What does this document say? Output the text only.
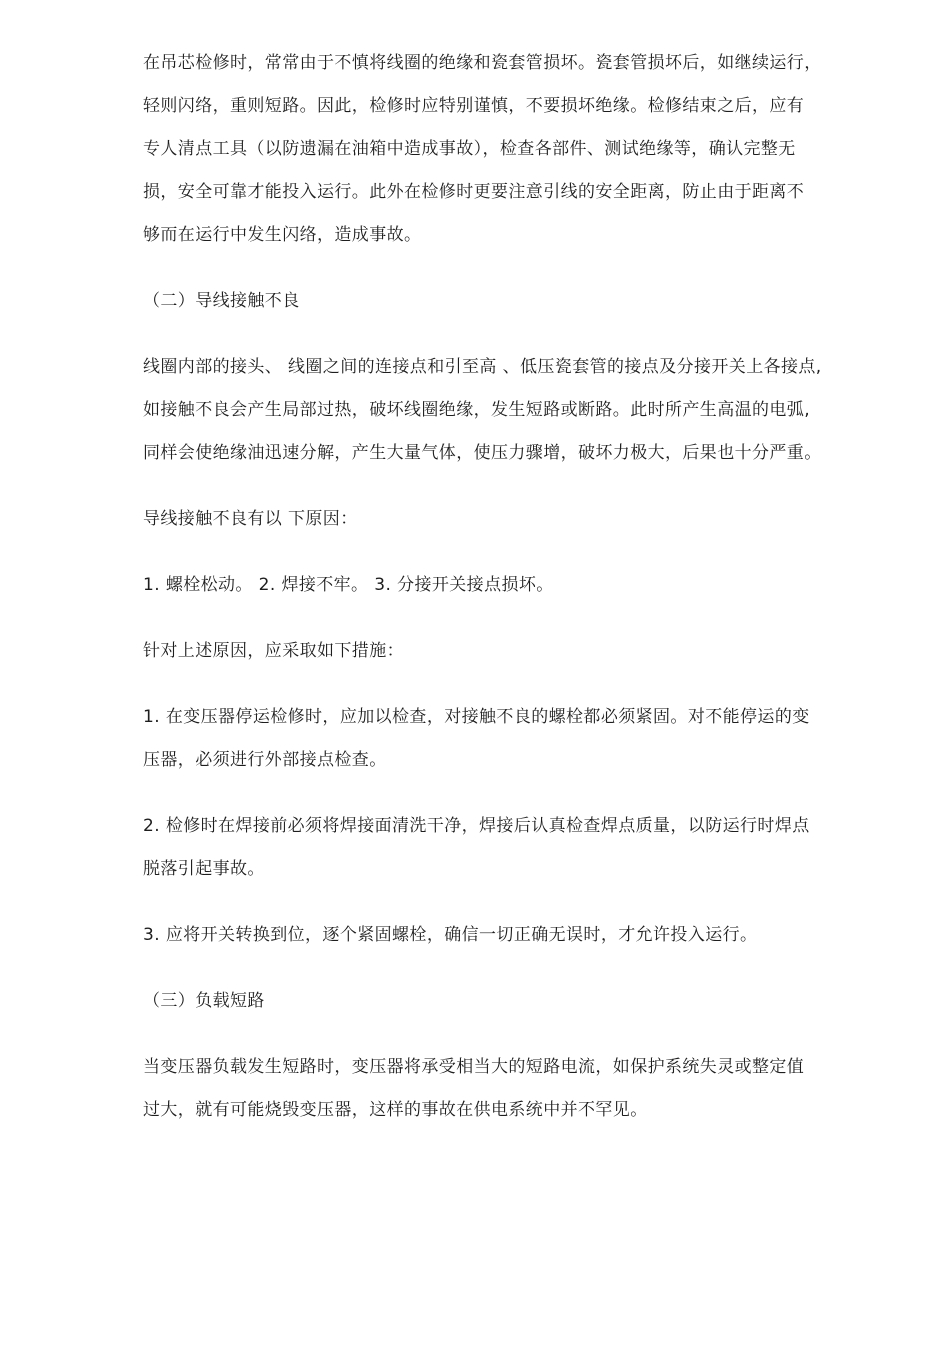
在吊芯检修时，常常由于不慎将线圈的绝缘和瓷套管损坏。瓷套管损坏后，如继续运行，
轻则闪络，重则短路。因此，检修时应特别谨慎，不要损坏绝缘。检修结束之后，应有
专人清点工具（以防遗漏在油箱中造成事故），检查各部件、测试绝缘等，确认完整无
损，安全可靠才能投入运行。此外在检修时更要注意引线的安全距离，防止由于距离不
够而在运行中发生闪络，造成事故。
（二）导线接触不良
线圈内部的接头、 线圈之间的连接点和引至高 、低压瓷套管的接点及分接开关上各接点,
如接触不良会产生局部过热，破坏线圈绝缘，发生短路或断路。此时所产生高温的电弧,
同样会使绝缘油迅速分解，产生大量气体，使压力骤增，破坏力极大，后果也十分严重。
导线接触不良有以 下原因：
1. 螺栓松动。 2. 焊接不牢。 3. 分接开关接点损坏。
针对上述原因，应采取如下措施：
1. 在变压器停运检修时，应加以检查，对接触不良的螺栓都必须紧固。对不能停运的变
压器，必须进行外部接点检查。
2. 检修时在焊接前必须将焊接面清洗干净，焊接后认真检查焊点质量，以防运行时焊点
脱落引起事故。
3. 应将开关转换到位，逐个紧固螺栓，确信一切正确无误时，才允许投入运行。
（三）负载短路
当变压器负载发生短路时，变压器将承受相当大的短路电流，如保护系统失灵或整定值
过大，就有可能烧毁变压器，这样的事故在供电系统中并不罕见。
